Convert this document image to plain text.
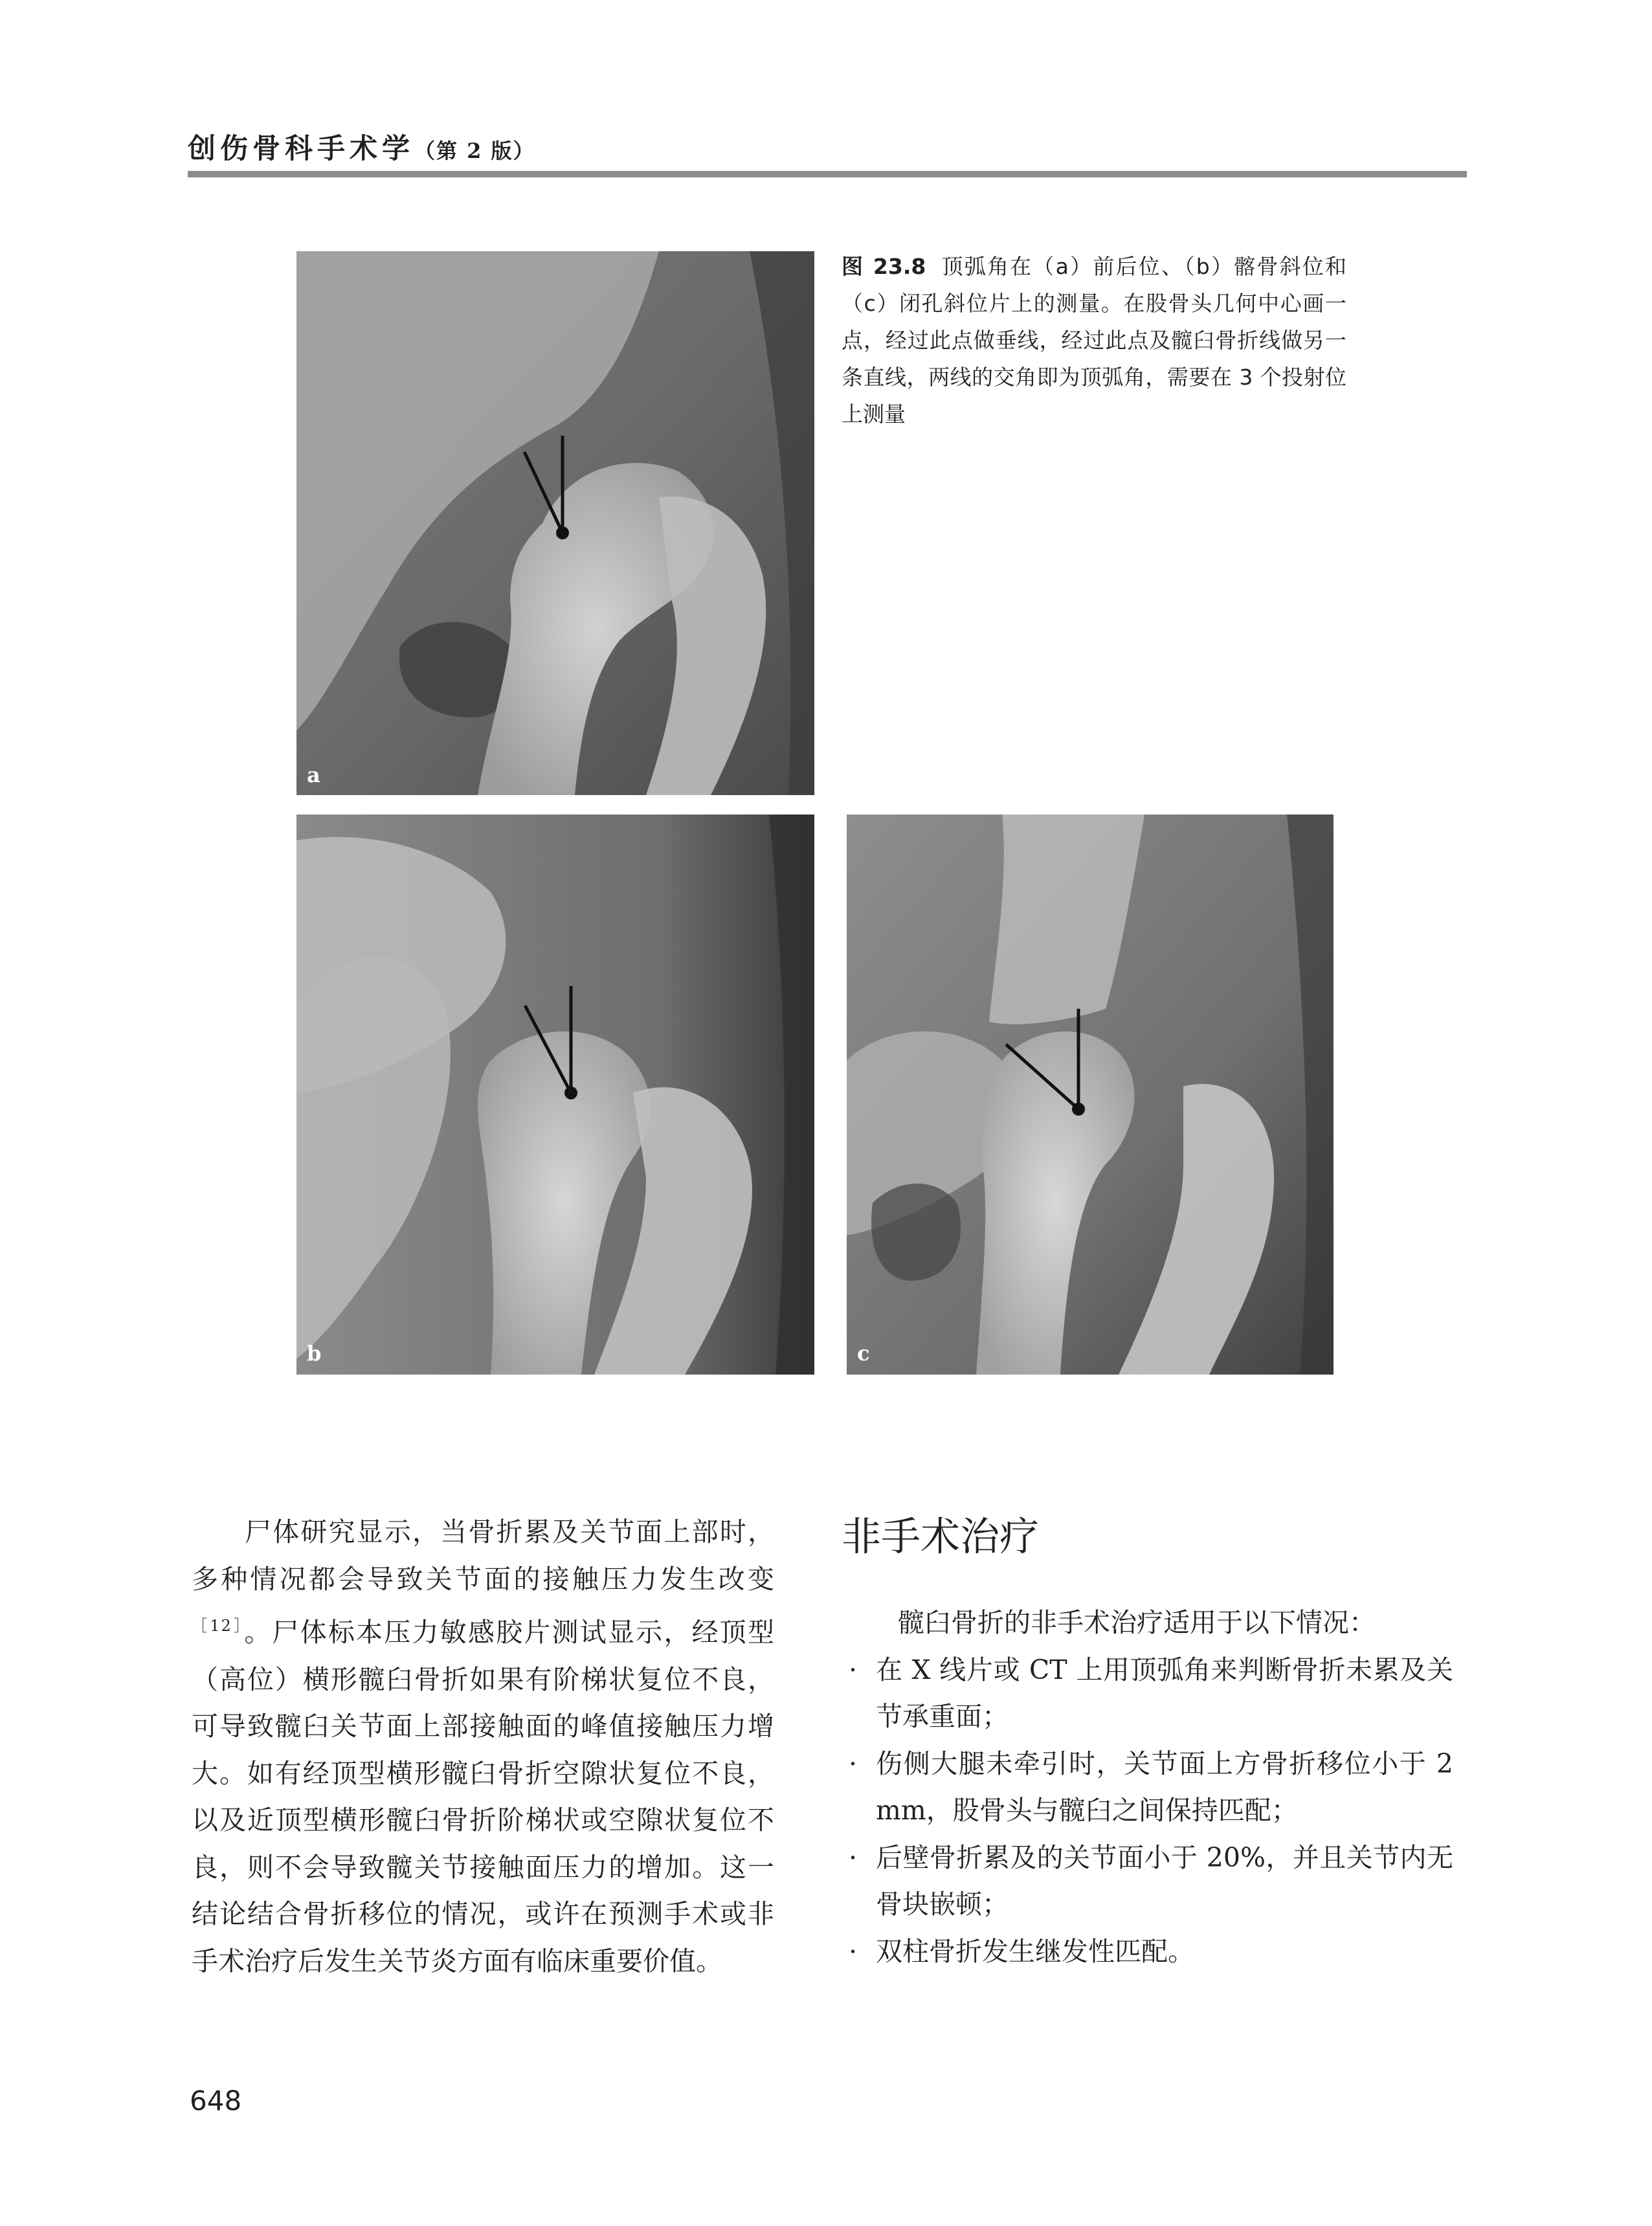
创伤骨科手术学（第 2 版）
a
图 23.8 顶弧角在（a）前后位、（b）髂骨斜位和（c）闭孔斜位片上的测量。在股骨头几何中心画一点，经过此点做垂线，经过此点及髋臼骨折线做另一条直线，两线的交角即为顶弧角，需要在 3 个投射位上测量
b	c

尸体研究显示，当骨折累及关节面上部时，多种情况都会导致关节面的接触压力发生改变$^{[12]}$。尸体标本压力敏感胶片测试显示，经顶型（高位）横形髋臼骨折如果有阶梯状复位不良，可导致髋臼关节面上部接触面的峰值接触压力增大。如有经顶型横形髋臼骨折空隙状复位不良，以及近顶型横形髋臼骨折阶梯状或空隙状复位不良，则不会导致髋关节接触面压力的增加。这一结论结合骨折移位的情况，或许在预测手术或非手术治疗后发生关节炎方面有临床重要价值。

非手术治疗

髋臼骨折的非手术治疗适用于以下情况：

· 在 X 线片或 CT 上用顶弧角来判断骨折未累及关节承重面；

· 伤侧大腿未牵引时，关节面上方骨折移位小于 2 mm，股骨头与髋臼之间保持匹配；

· 后壁骨折累及的关节面小于 20%，并且关节内无骨块嵌顿；

· 双柱骨折发生继发性匹配。

648
